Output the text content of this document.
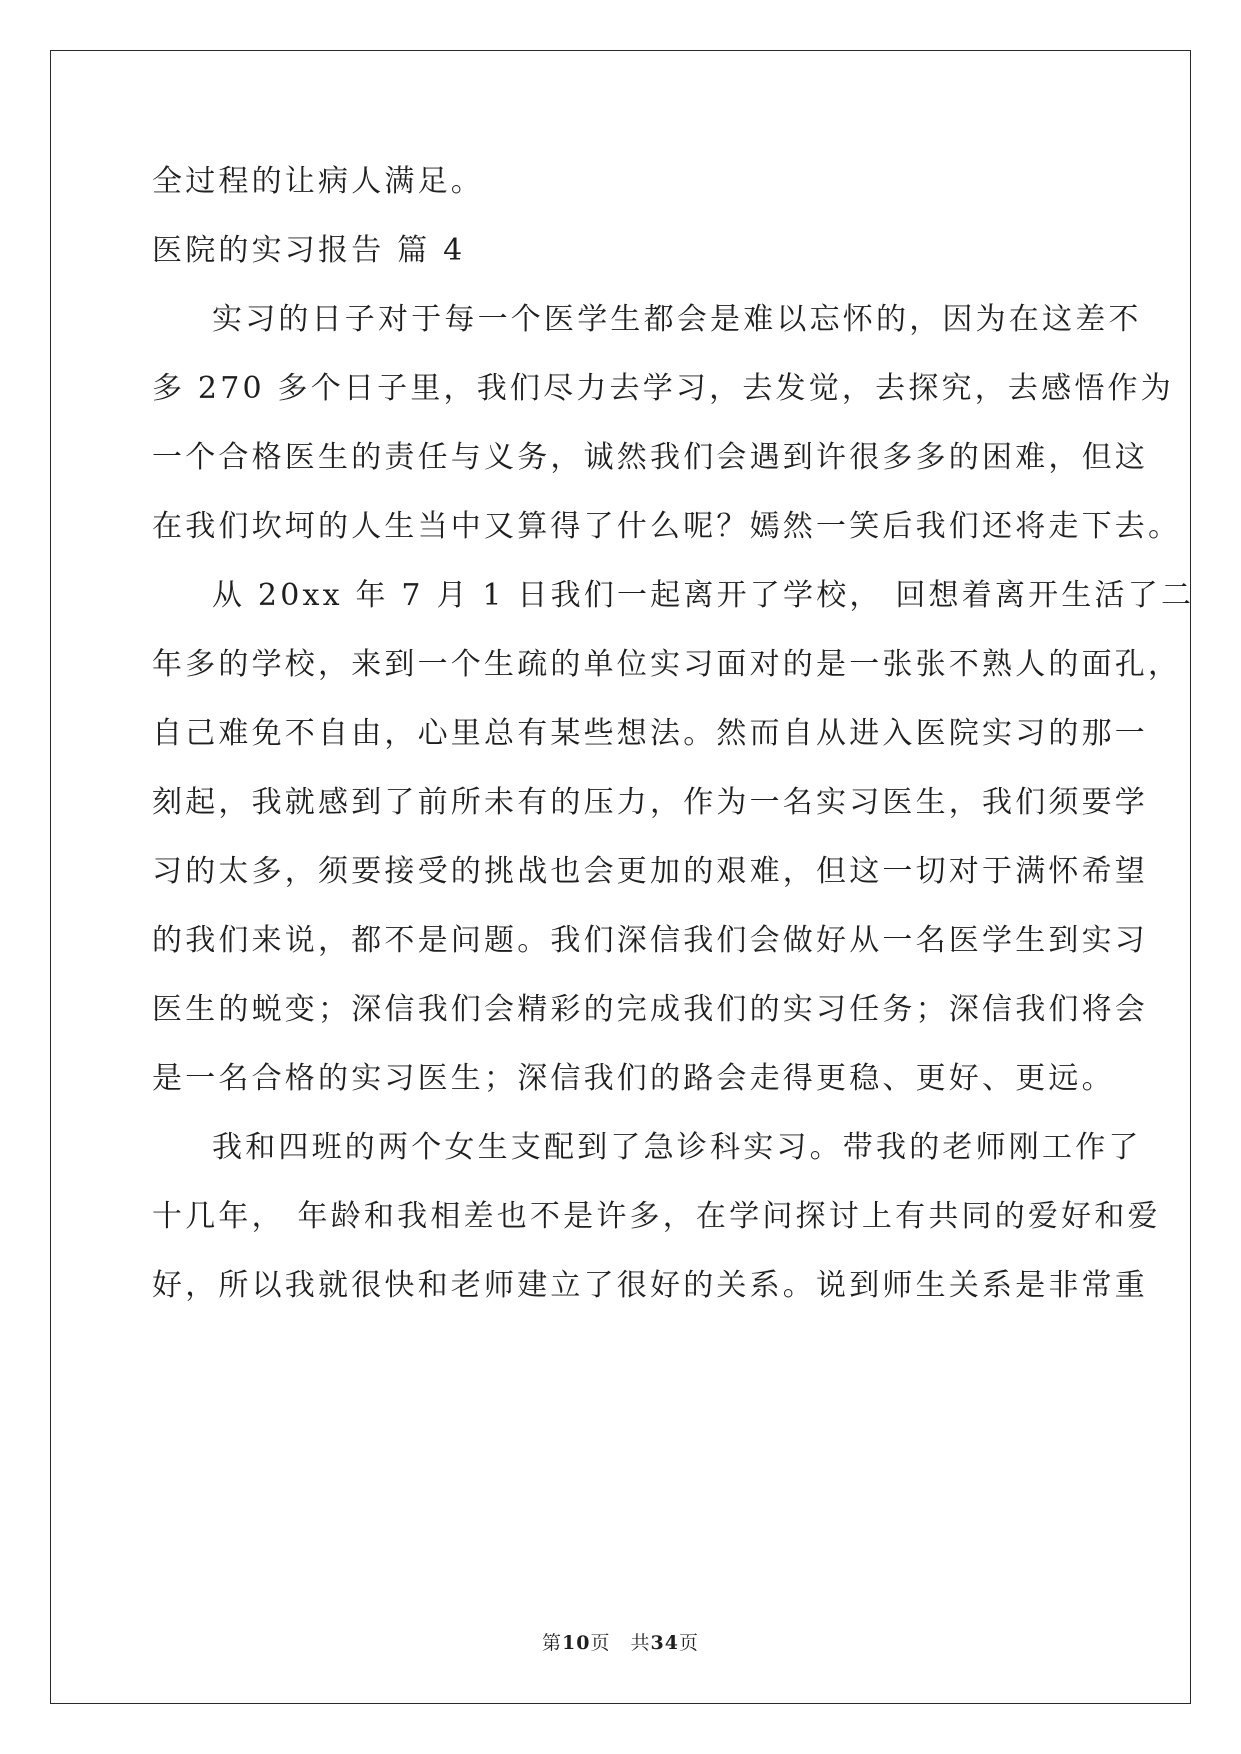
全过程的让病人满足。
医院的实习报告 篇 4
实习的日子对于每一个医学生都会是难以忘怀的，因为在这差不
多 270 多个日子里，我们尽力去学习，去发觉，去探究，去感悟作为
一个合格医生的责任与义务，诚然我们会遇到许很多多的困难，但这
在我们坎坷的人生当中又算得了什么呢？嫣然一笑后我们还将走下去。
从 20xx 年 7 月 1 日我们一起离开了学校， 回想着离开生活了二
年多的学校，来到一个生疏的单位实习面对的是一张张不熟人的面孔，
自己难免不自由，心里总有某些想法。然而自从进入医院实习的那一
刻起，我就感到了前所未有的压力，作为一名实习医生，我们须要学
习的太多，须要接受的挑战也会更加的艰难，但这一切对于满怀希望
的我们来说，都不是问题。我们深信我们会做好从一名医学生到实习
医生的蜕变；深信我们会精彩的完成我们的实习任务；深信我们将会
是一名合格的实习医生；深信我们的路会走得更稳、更好、更远。
我和四班的两个女生支配到了急诊科实习。带我的老师刚工作了
十几年， 年龄和我相差也不是许多，在学问探讨上有共同的爱好和爱
好，所以我就很快和老师建立了很好的关系。说到师生关系是非常重
第10页　共34页
